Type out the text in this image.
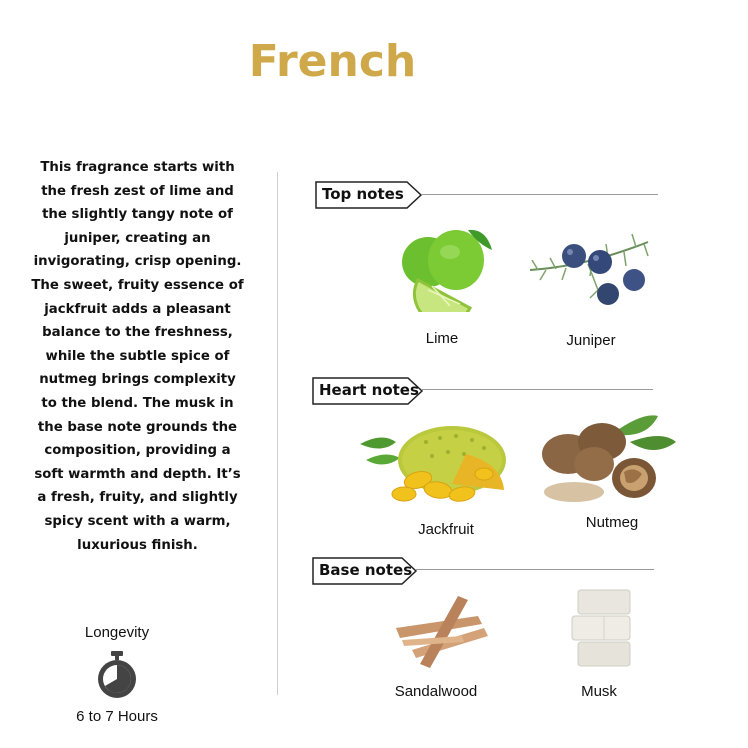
French
This fragrance starts with the fresh zest of lime and the slightly tangy note of juniper, creating an invigorating, crisp opening. The sweet, fruity essence of jackfruit adds a pleasant balance to the freshness, while the subtle spice of nutmeg brings complexity to the blend. The musk in the base note grounds the composition, providing a soft warmth and depth. It’s a fresh, fruity, and slightly spicy scent with a warm, luxurious finish.
Longevity
6 to 7 Hours
Top notes
Lime	Juniper
Heart notes
Jackfruit	Nutmeg
Base notes
Sandalwood	Musk
